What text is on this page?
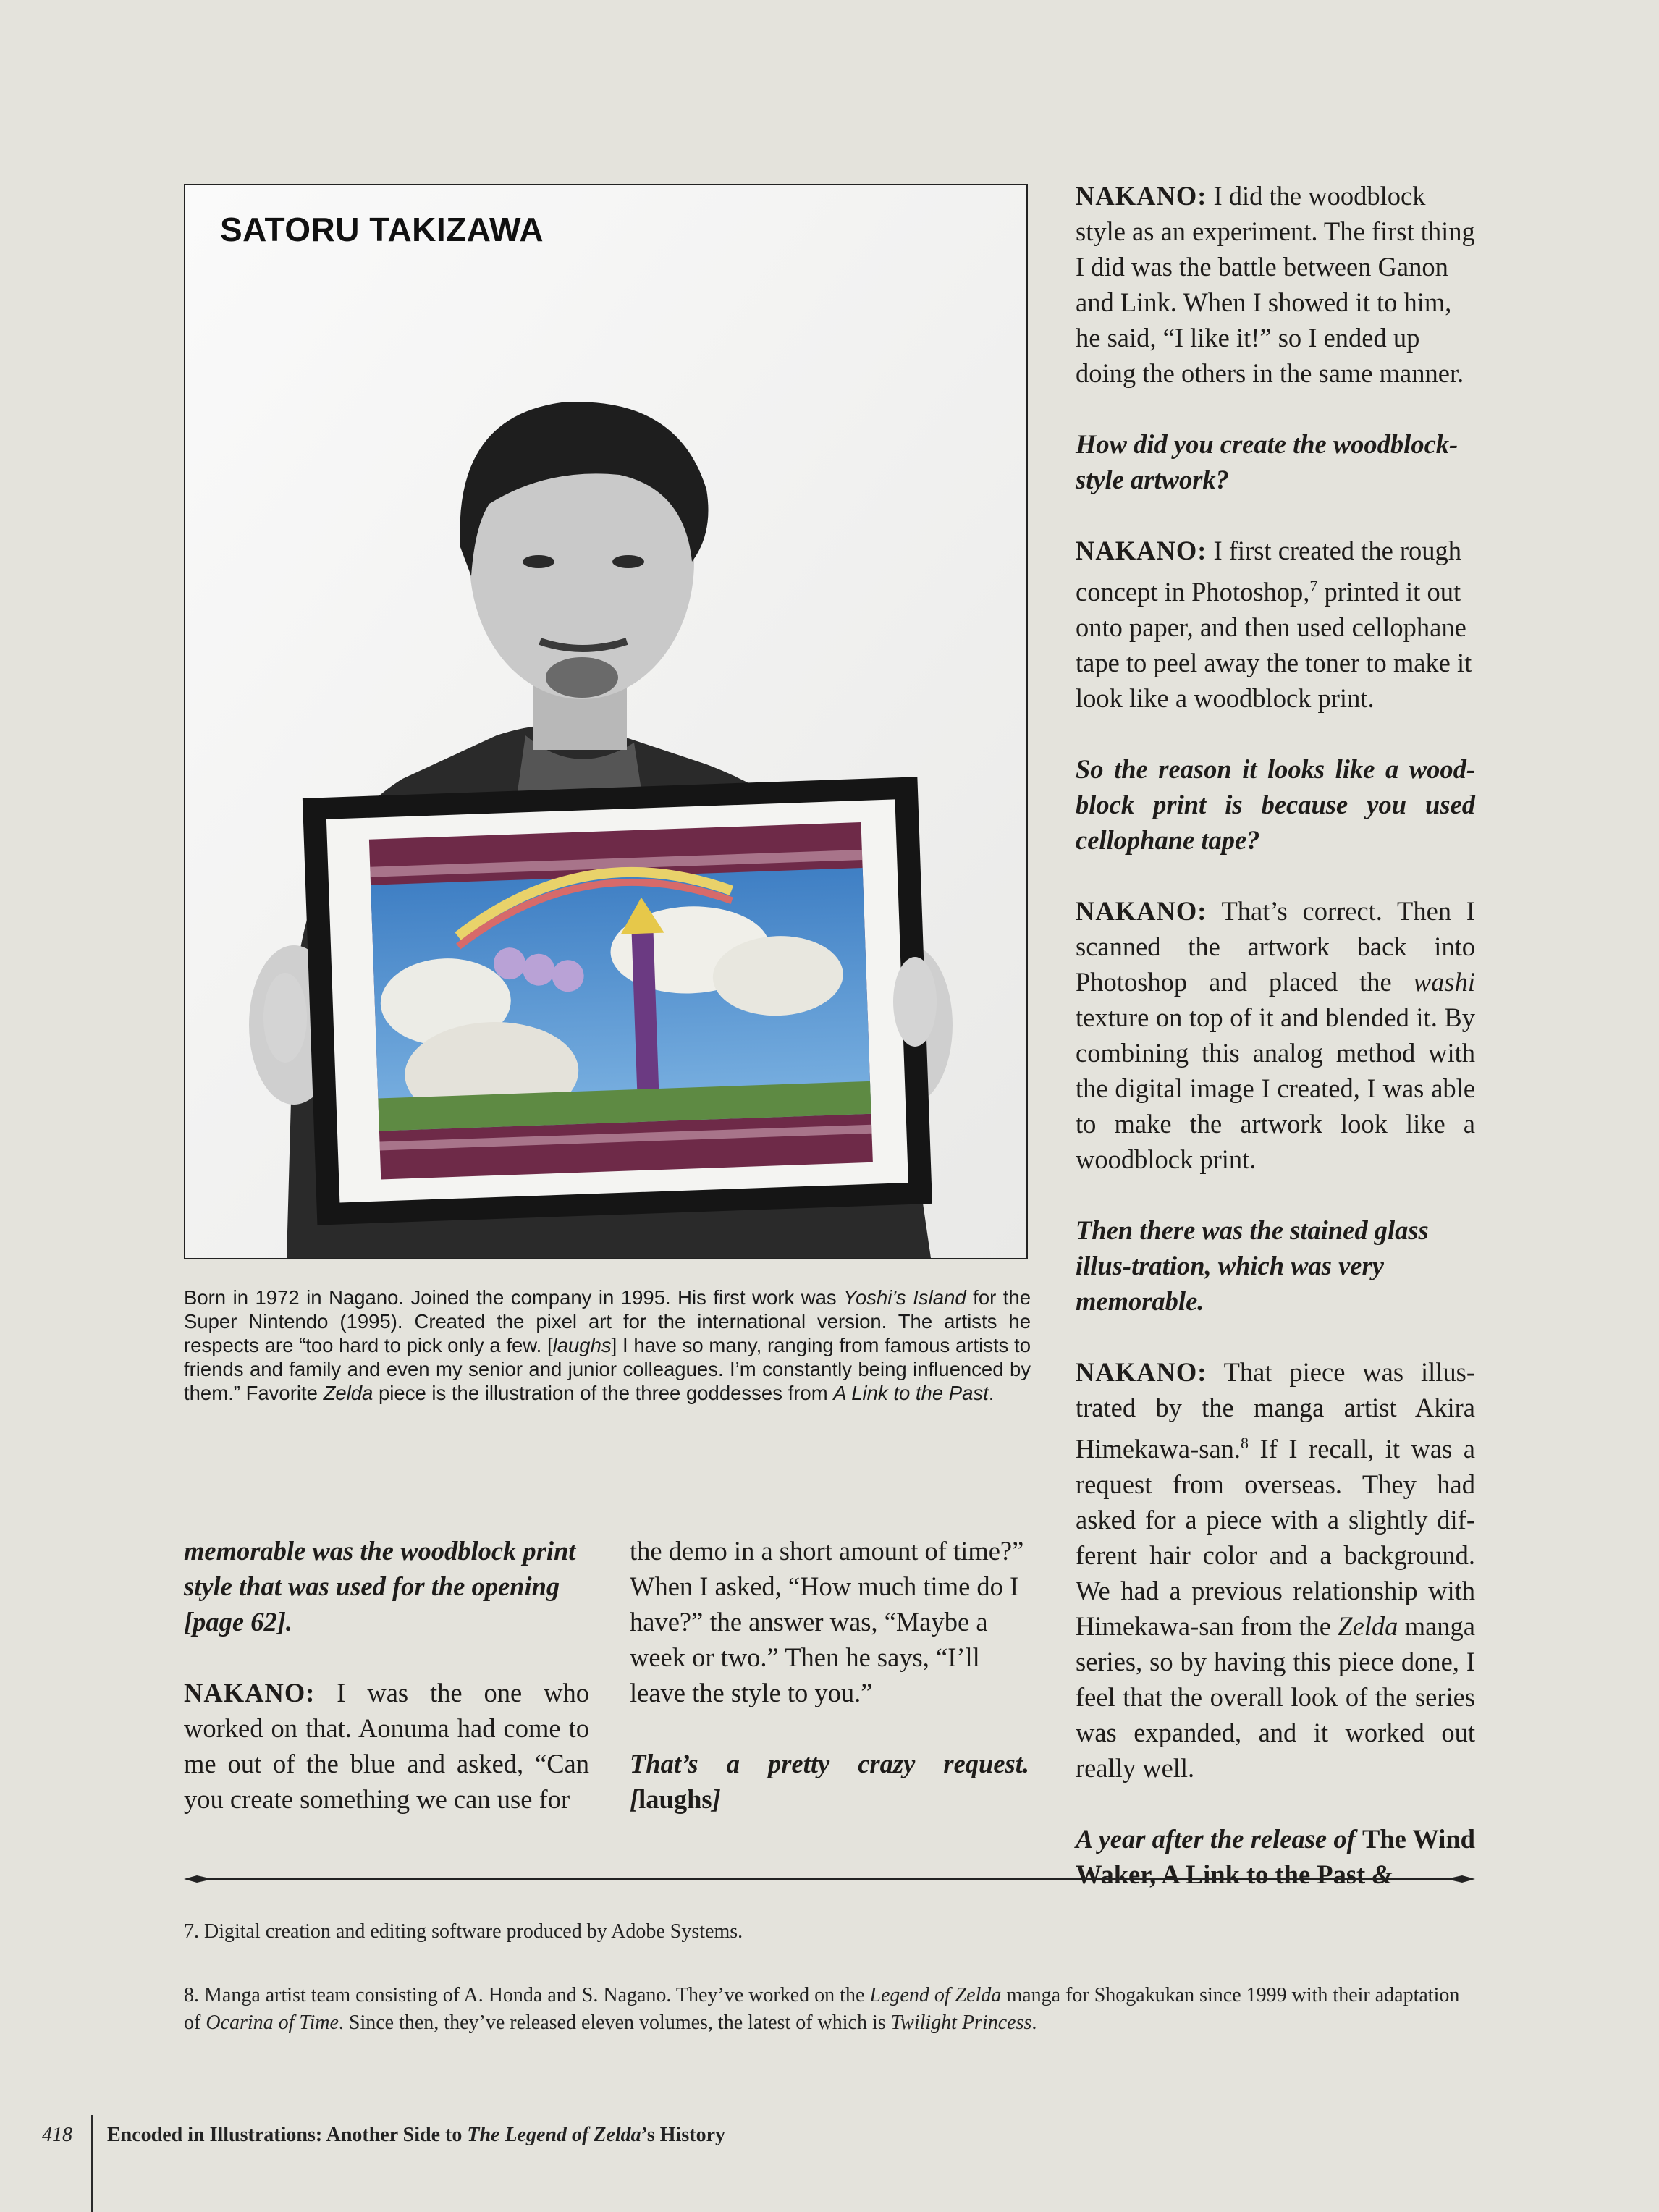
SATORU TAKIZAWA
Born in 1972 in Nagano. Joined the company in 1995. His first work was Yoshi’s Island for the Super Nintendo (1995). Created the pixel art for the international version. The artists he respects are “too hard to pick only a few. [laughs] I have so many, ranging from famous artists to friends and family and even my senior and junior colleagues. I’m constantly being influenced by them.” Favorite Zelda piece is the illustration of the three goddesses from A Link to the Past.

memorable was the woodblock print style that was used for the opening [page 62].

NAKANO: I was the one who worked on that. Aonuma had come to me out of the blue and asked, “Can you create something we can use for

the demo in a short amount of time?” When I asked, “How much time do I have?” the answer was, “Maybe a week or two.” Then he says, “I’ll leave the style to you.”

That’s a pretty crazy request. [laughs]

NAKANO: I did the woodblock style as an experiment. The first thing I did was the battle between Ganon and Link. When I showed it to him, he said, “I like it!” so I ended up doing the others in the same manner.

How did you create the woodblock-style artwork?

NAKANO: I first created the rough concept in Photoshop,$^7$ printed it out onto paper, and then used cellophane tape to peel away the toner to make it look like a woodblock print.

So the reason it looks like a wood-block print is because you used cellophane tape?

NAKANO: That’s correct. Then I scanned the artwork back into Photoshop and placed the washi texture on top of it and blended it. By combining this analog method with the digital image I created, I was able to make the artwork look like a woodblock print.

Then there was the stained glass illus-tration, which was very memorable.

NAKANO: That piece was illus-trated by the manga artist Akira Himekawa-san.$^8$ If I recall, it was a request from overseas. They had asked for a piece with a slightly dif-ferent hair color and a background. We had a previous relationship with Himekawa-san from the Zelda manga series, so by having this piece done, I feel that the overall look of the series was expanded, and it worked out really well.

A year after the release of The Wind Waker, A Link to the Past &

7. Digital creation and editing software produced by Adobe Systems.
8. Manga artist team consisting of A. Honda and S. Nagano. They’ve worked on the Legend of Zelda manga for Shogakukan since 1999 with their adaptation of Ocarina of Time. Since then, they’ve released eleven volumes, the latest of which is Twilight Princess.
418 Encoded in Illustrations: Another Side to The Legend of Zelda’s History
